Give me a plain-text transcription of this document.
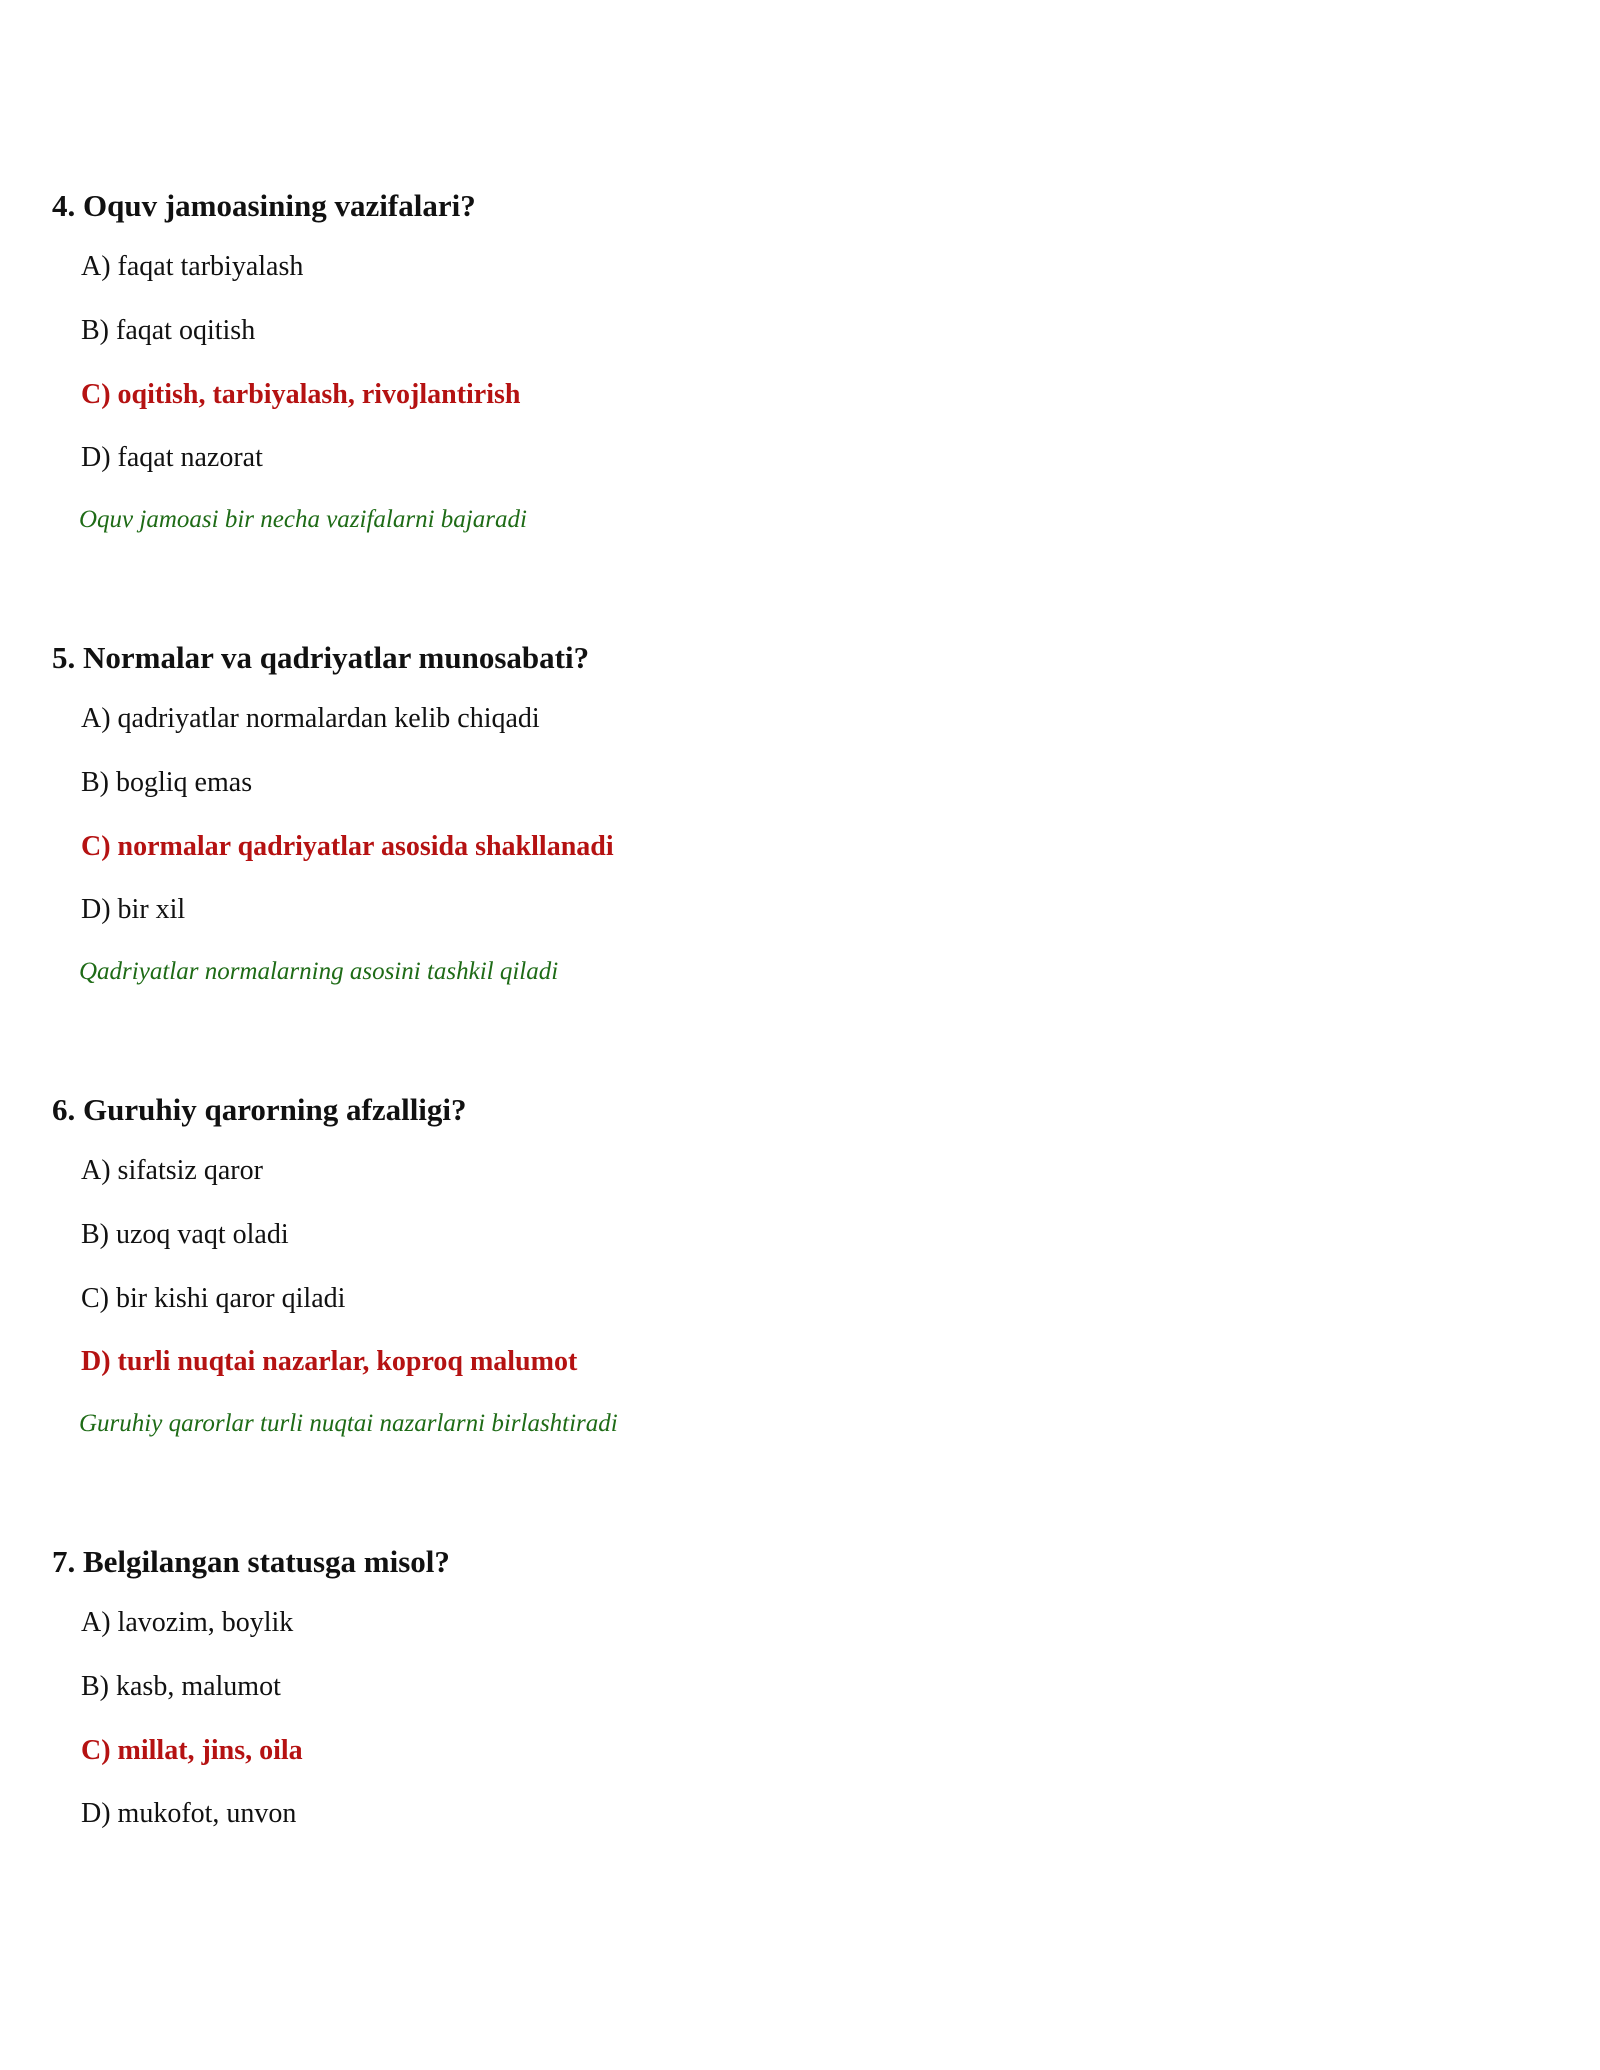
4. Oquv jamoasining vazifalari?
A) faqat tarbiyalash
B) faqat oqitish
C) oqitish, tarbiyalash, rivojlantirish
D) faqat nazorat
Oquv jamoasi bir necha vazifalarni bajaradi
5. Normalar va qadriyatlar munosabati?
A) qadriyatlar normalardan kelib chiqadi
B) bogliq emas
C) normalar qadriyatlar asosida shakllanadi
D) bir xil
Qadriyatlar normalarning asosini tashkil qiladi
6. Guruhiy qarorning afzalligi?
A) sifatsiz qaror
B) uzoq vaqt oladi
C) bir kishi qaror qiladi
D) turli nuqtai nazarlar, koproq malumot
Guruhiy qarorlar turli nuqtai nazarlarni birlashtiradi
7. Belgilangan statusga misol?
A) lavozim, boylik
B) kasb, malumot
C) millat, jins, oila
D) mukofot, unvon
